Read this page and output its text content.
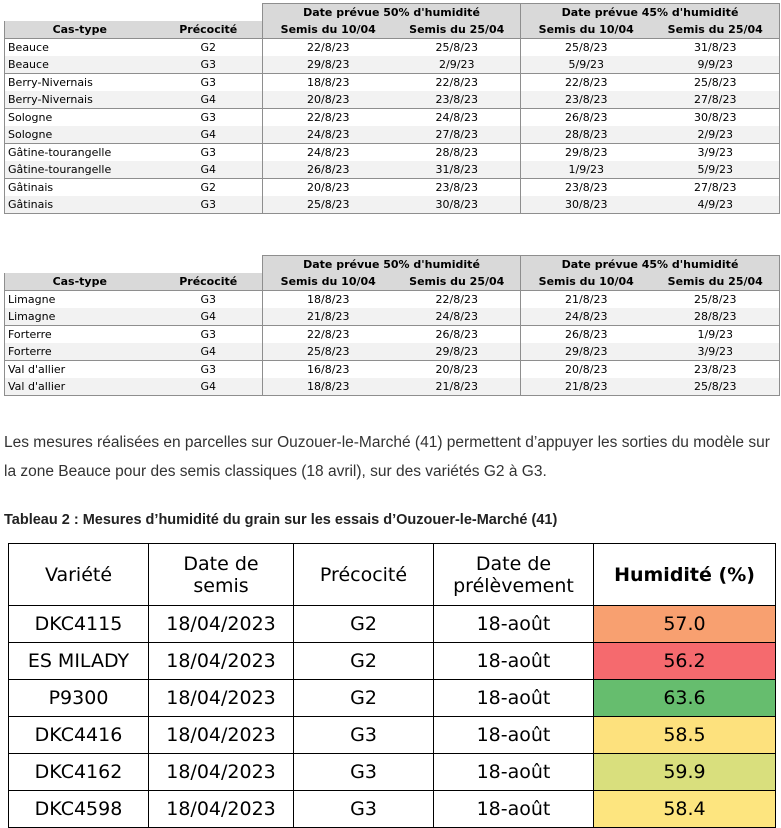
		Date prévue 50% d'humidité		Date prévue 45% d'humidité	
Cas-type	Précocité	Semis du 10/04	Semis du 25/04	Semis du 10/04	Semis du 25/04
Beauce	G2	22/8/23	25/8/23	25/8/23	31/8/23
Beauce	G3	29/8/23	2/9/23	5/9/23	9/9/23
Berry-Nivernais	G3	18/8/23	22/8/23	22/8/23	25/8/23
Berry-Nivernais	G4	20/8/23	23/8/23	23/8/23	27/8/23
Sologne	G3	22/8/23	24/8/23	26/8/23	30/8/23
Sologne	G4	24/8/23	27/8/23	28/8/23	2/9/23
Gâtine-tourangelle	G3	24/8/23	28/8/23	29/8/23	3/9/23
Gâtine-tourangelle	G4	26/8/23	31/8/23	1/9/23	5/9/23
Gâtinais	G2	20/8/23	23/8/23	23/8/23	27/8/23
Gâtinais	G3	25/8/23	30/8/23	30/8/23	4/9/23
		Date prévue 50% d'humidité		Date prévue 45% d'humidité	
Cas-type	Précocité	Semis du 10/04	Semis du 25/04	Semis du 10/04	Semis du 25/04
Limagne	G3	18/8/23	22/8/23	21/8/23	25/8/23
Limagne	G4	21/8/23	24/8/23	24/8/23	28/8/23
Forterre	G3	22/8/23	26/8/23	26/8/23	1/9/23
Forterre	G4	25/8/23	29/8/23	29/8/23	3/9/23
Val d'allier	G3	16/8/23	20/8/23	20/8/23	23/8/23
Val d'allier	G4	18/8/23	21/8/23	21/8/23	25/8/23
Les mesures réalisées en parcelles sur Ouzouer-le-Marché (41) permettent d’appuyer les sorties du modèle sur la zone Beauce pour des semis classiques (18 avril), sur des variétés G2 à G3.
Tableau 2 : Mesures d’humidité du grain sur les essais d’Ouzouer-le-Marché (41)
Variété	Date de semis	Précocité	Date de prélèvement	Humidité (%)
DKC4115	18/04/2023	G2	18-août	57.0
ES MILADY	18/04/2023	G2	18-août	56.2
P9300	18/04/2023	G2	18-août	63.6
DKC4416	18/04/2023	G3	18-août	58.5
DKC4162	18/04/2023	G3	18-août	59.9
DKC4598	18/04/2023	G3	18-août	58.4
